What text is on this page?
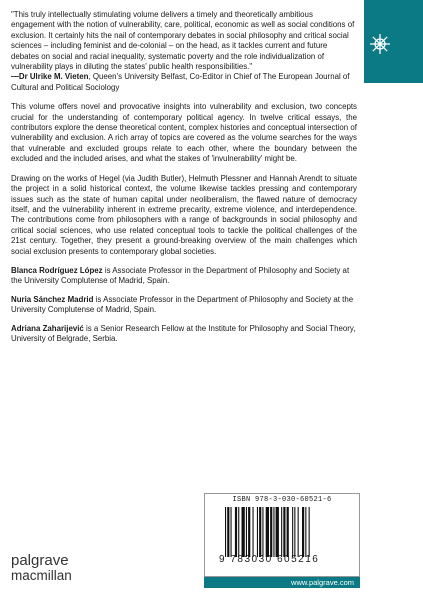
"This truly intellectually stimulating volume delivers a timely and theoretically ambitious engagement with the notion of vulnerability, care, political, economic as well as social conditions of exclusion. It certainly hits the nail of contemporary debates in social philosophy and critical social sciences – including feminist and de-colonial – on the head, as it tackles current and future debates on social and racial inequality, systematic poverty and the role individualization of vulnerability plays in diluting the states' public health responsibilities."
—Dr Ulrike M. Vieten, Queen's University Belfast, Co-Editor in Chief of The European Journal of Cultural and Political Sociology

This volume offers novel and provocative insights into vulnerability and exclusion, two concepts crucial for the understanding of contemporary political agency. In twelve critical essays, the contributors explore the dense theoretical content, complex histories and conceptual intersection of vulnerability and exclusion. A rich array of topics are covered as the volume searches for the ways that vulnerable and excluded groups relate to each other, where the boundary between the excluded and the included arises, and what the stakes of 'invulnerability' might be.

Drawing on the works of Hegel (via Judith Butler), Helmuth Plessner and Hannah Arendt to situate the project in a solid historical context, the volume likewise tackles pressing and contemporary issues such as the state of human capital under neoliberalism, the flawed nature of democracy itself, and the vulnerability inherent in extreme precarity, extreme violence, and interdependence. The contributions come from philosophers with a range of backgrounds in social philosophy and critical social sciences, who use related conceptual tools to tackle the political challenges of the 21st century. Together, they present a ground-breaking overview of the main challenges which social exclusion presents to contemporary global societies.

Blanca Rodríguez López is Associate Professor in the Department of Philosophy and Society at the University Complutense of Madrid, Spain.

Nuria Sánchez Madrid is Associate Professor in the Department of Philosophy and Society at the University Complutense of Madrid, Spain.

Adriana Zaharijević is a Senior Research Fellow at the Institute for Philosophy and Social Theory, University of Belgrade, Serbia.

palgrave
macmillan
ISBN 978-3-030-60521-6
9 783030 605216
www.palgrave.com
